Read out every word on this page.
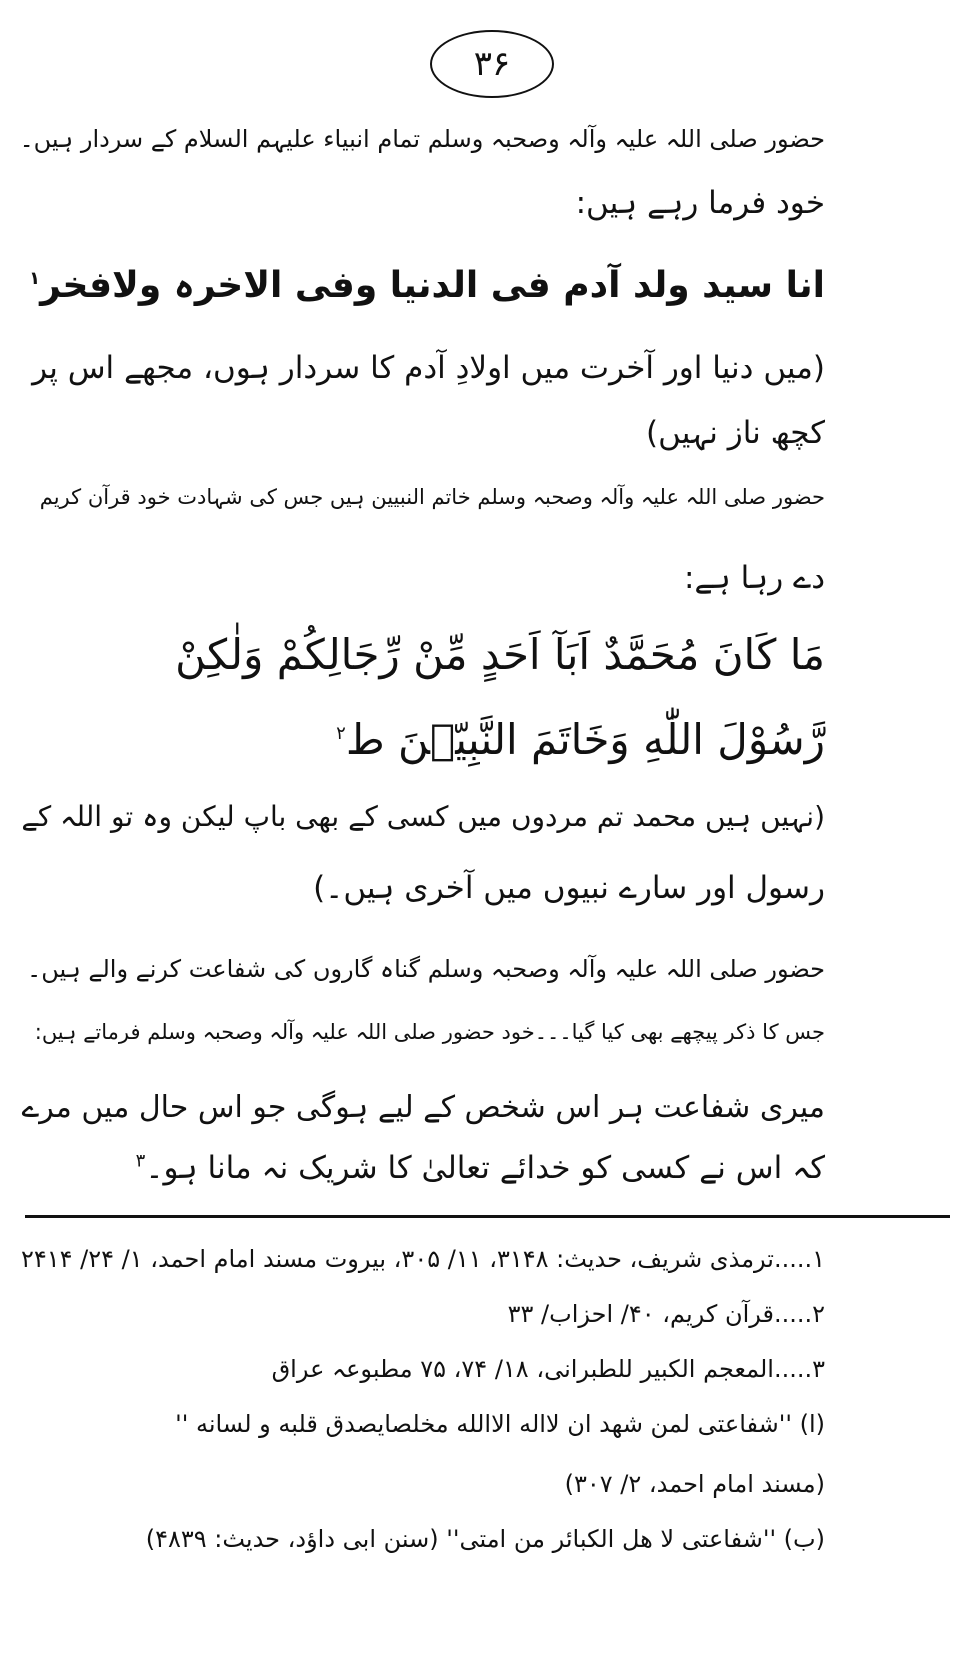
۳۶
حضور صلی اللہ علیہ وآلہ وصحبہ وسلم تمام انبیاء علیہم السلام کے سردار ہیں۔
خود فرما رہے ہیں:
انا سید ولد آدم فی الدنیا وفی الاخرہ ولافخر$^۱$
(میں دنیا اور آخرت میں اولادِ آدم کا سردار ہوں، مجھے اس پر
کچھ ناز نہیں)
حضور صلی اللہ علیہ وآلہ وصحبہ وسلم خاتم النبیین ہیں جس کی شہادت خود قرآن کریم
دے رہا ہے:
مَا كَانَ مُحَمَّدٌ اَبَآ اَحَدٍ مِّنْ رِّجَالِكُمْ وَلٰكِنْ
رَّسُوْلَ اللّٰهِ وَخَاتَمَ النَّبِيّٖنَ ط$^۲$
(نہیں ہیں محمد تم مردوں میں کسی کے بھی باپ لیکن وہ تو اللہ کے
رسول اور سارے نبیوں میں آخری ہیں۔)
حضور صلی اللہ علیہ وآلہ وصحبہ وسلم گناہ گاروں کی شفاعت کرنے والے ہیں۔
جس کا ذکر پیچھے بھی کیا گیا۔۔۔خود حضور صلی اللہ علیہ وآلہ وصحبہ وسلم فرماتے ہیں:
میری شفاعت ہر اس شخص کے لیے ہوگی جو اس حال میں مرے
کہ اس نے کسی کو خدائے تعالیٰ کا شریک نہ مانا ہو۔$^۳$
۱.....ترمذی شریف، حدیث: ۳۱۴۸، ۱۱/ ۳۰۵، بیروت مسند امام احمد، ۱/ ۲۴/ ۲۴۱۴
۲.....قرآن کریم، ۴۰/ احزاب/ ۳۳
۳.....المعجم الکبیر للطبرانی، ۱۸/ ۷۴، ۷۵ مطبوعہ عراق
(ا) ''شفاعتی لمن شهد ان لااله الاالله مخلصایصدق قلبه و لسانه ''
(مسند امام احمد، ۲/ ۳۰۷)
(ب) ''شفاعتی لا هل الكبائر من امتی'' (سنن ابی داؤد، حدیث: ۴۸۳۹)
